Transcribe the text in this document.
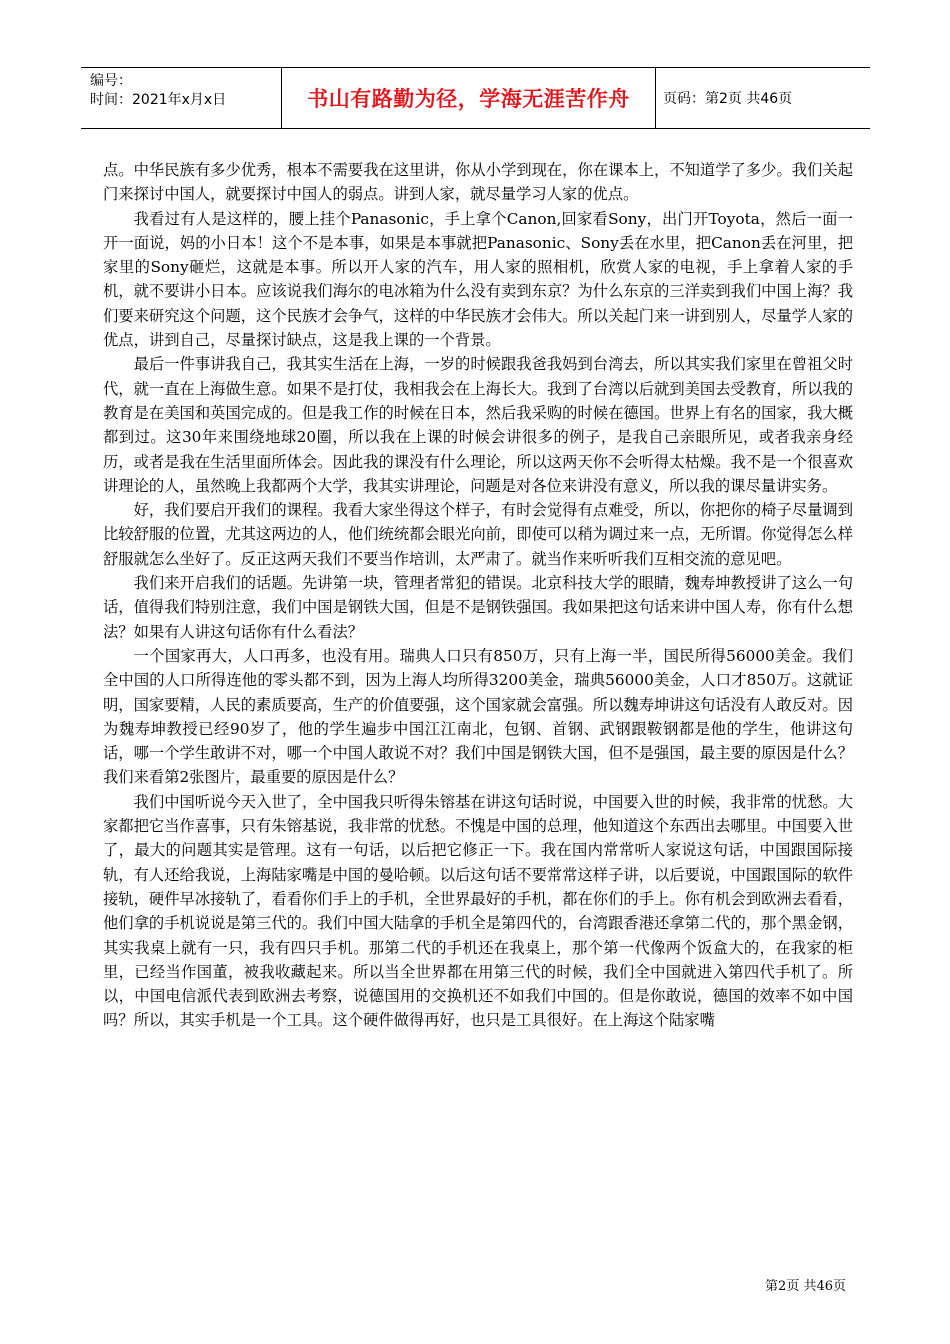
编号：
时间：2021年x月x日	书山有路勤为径，学海无涯苦作舟 页码：第2页 共46页

点。中华民族有多少优秀，根本不需要我在这里讲，你从小学到现在，你在课本上，不知道学了多少。我们关起门来探讨中国人，就要探讨中国人的弱点。讲到人家，就尽量学习人家的优点。

我看过有人是这样的，腰上挂个Panasonic，手上拿个Canon,回家看Sony，出门开Toyota，然后一面一开一面说，妈的小日本！这个不是本事，如果是本事就把Panasonic、Sony丢在水里，把Canon丢在河里，把家里的Sony砸烂，这就是本事。所以开人家的汽车，用人家的照相机，欣赏人家的电视，手上拿着人家的手机，就不要讲小日本。应该说我们海尔的电冰箱为什么没有卖到东京？为什么东京的三洋卖到我们中国上海？我们要来研究这个问题，这个民族才会争气，这样的中华民族才会伟大。所以关起门来一讲到别人，尽量学人家的优点，讲到自己，尽量探讨缺点，这是我上课的一个背景。

最后一件事讲我自己，我其实生活在上海，一岁的时候跟我爸我妈到台湾去，所以其实我们家里在曾祖父时代，就一直在上海做生意。如果不是打仗，我相我会在上海长大。我到了台湾以后就到美国去受教育，所以我的教育是在美国和英国完成的。但是我工作的时候在日本，然后我采购的时候在德国。世界上有名的国家，我大概都到过。这30年来围绕地球20圈，所以我在上课的时候会讲很多的例子，是我自己亲眼所见，或者我亲身经历，或者是我在生活里面所体会。因此我的课没有什么理论，所以这两天你不会听得太枯燥。我不是一个很喜欢讲理论的人，虽然晚上我都两个大学，我其实讲理论，问题是对各位来讲没有意义，所以我的课尽量讲实务。

好，我们要启开我们的课程。我看大家坐得这个样子，有时会觉得有点难受，所以，你把你的椅子尽量调到比较舒服的位置，尤其这两边的人，他们统统都会眼光向前，即使可以稍为调过来一点，无所谓。你觉得怎么样舒服就怎么坐好了。反正这两天我们不要当作培训，太严肃了。就当作来听听我们互相交流的意见吧。

我们来开启我们的话题。先讲第一块，管理者常犯的错误。北京科技大学的眼睛，魏寿坤教授讲了这么一句话，值得我们特别注意，我们中国是钢铁大国，但是不是钢铁强国。我如果把这句话来讲中国人寿，你有什么想法？如果有人讲这句话你有什么看法？

一个国家再大，人口再多，也没有用。瑞典人口只有850万，只有上海一半，国民所得56000美金。我们全中国的人口所得连他的零头都不到，因为上海人均所得3200美金，瑞典56000美金，人口才850万。这就证明，国家要精，人民的素质要高，生产的价值要强，这个国家就会富强。所以魏寿坤讲这句话没有人敢反对。因为魏寿坤教授已经90岁了，他的学生遍步中国江江南北，包钢、首钢、武钢跟鞍钢都是他的学生，他讲这句话，哪一个学生敢讲不对，哪一个中国人敢说不对？我们中国是钢铁大国，但不是强国，最主要的原因是什么？我们来看第2张图片，最重要的原因是什么？

我们中国听说今天入世了，全中国我只听得朱镕基在讲这句话时说，中国要入世的时候，我非常的忧愁。大家都把它当作喜事，只有朱镕基说，我非常的忧愁。不愧是中国的总理，他知道这个东西出去哪里。中国要入世了，最大的问题其实是管理。这有一句话，以后把它修正一下。我在国内常常听人家说这句话，中国跟国际接轨，有人还给我说，上海陆家嘴是中国的曼哈顿。以后这句话不要常常这样子讲，以后要说，中国跟国际的软件接轨，硬件早冰接轨了，看看你们手上的手机，全世界最好的手机，都在你们的手上。你有机会到欧洲去看看，他们拿的手机说说是第三代的。我们中国大陆拿的手机全是第四代的，台湾跟香港还拿第二代的，那个黑金钢，其实我桌上就有一只，我有四只手机。那第二代的手机还在我桌上，那个第一代像两个饭盒大的，在我家的柜里，已经当作国董，被我收藏起来。所以当全世界都在用第三代的时候，我们全中国就进入第四代手机了。所以，中国电信派代表到欧洲去考察，说德国用的交换机还不如我们中国的。但是你敢说，德国的效率不如中国吗？所以，其实手机是一个工具。这个硬件做得再好，也只是工具很好。在上海这个陆家嘴

第2页 共46页
